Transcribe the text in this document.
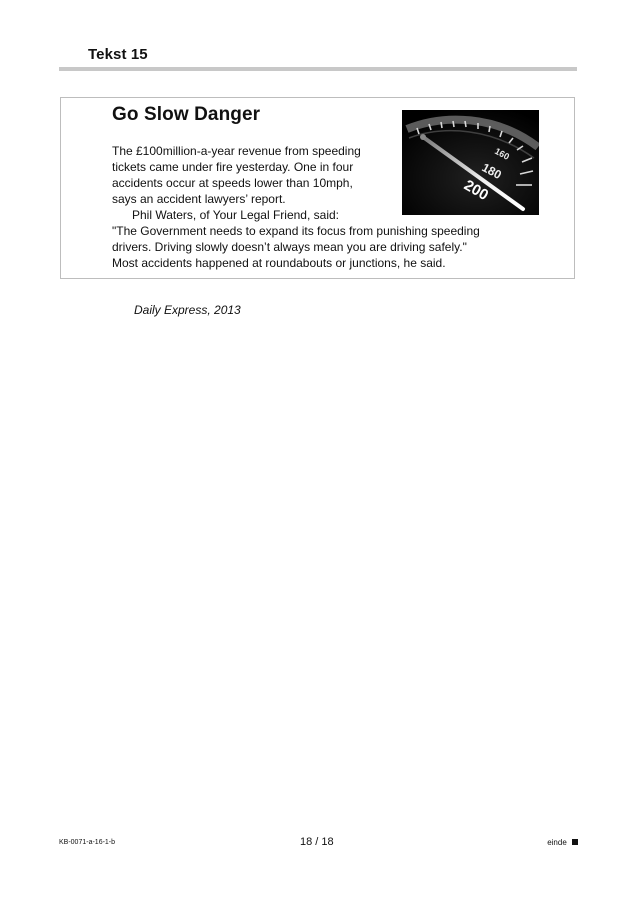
Tekst 15
Go Slow Danger
The £100million-a-year revenue from speeding
tickets came under fire yesterday. One in four
accidents occur at speeds lower than 10mph,
says an accident lawyers’ report.
Phil Waters, of Your Legal Friend, said:
"The Government needs to expand its focus from punishing speeding
drivers. Driving slowly doesn’t always mean you are driving safely."
Most accidents happened at roundabouts or junctions, he said.
160
180
200
Daily Express, 2013
KB-0071-a-16-1-b	18 / 18	einde
